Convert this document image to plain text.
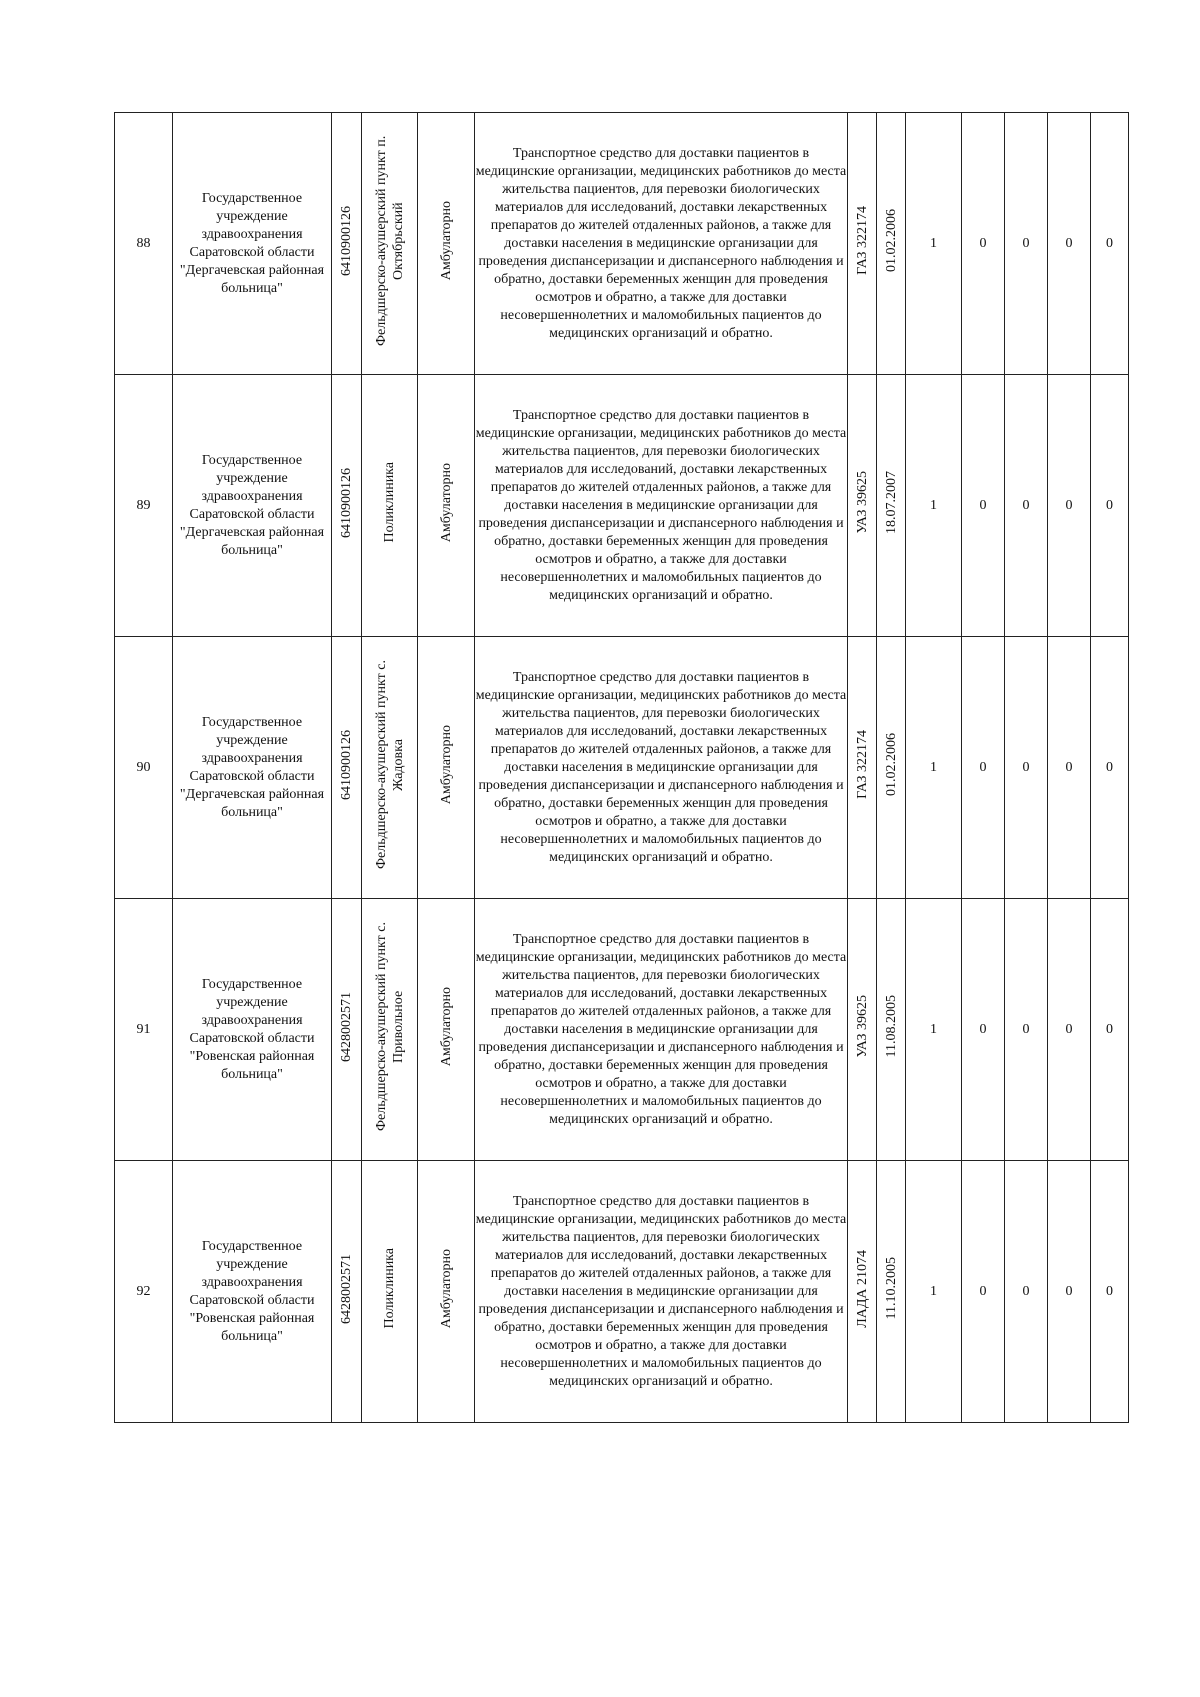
88	Государственное учреждение здравоохранения Саратовской области "Дергачевская районная больница"	6410900126	Фельдшерско-акушерский пункт п. Октябрьский	Амбулаторно	Транспортное средство для доставки пациентов в медицинские организации, медицинских работников до места жительства пациентов, для перевозки биологических материалов для исследований, доставки лекарственных препаратов до жителей отдаленных районов, а также для доставки населения в медицинские организации для проведения диспансеризации и диспансерного наблюдения и обратно, доставки беременных женщин для проведения осмотров и обратно, а также для доставки несовершеннолетних и маломобильных пациентов до медицинских организаций и обратно.	ГАЗ 322174	01.02.2006	1	0	0	0	0
89	Государственное учреждение здравоохранения Саратовской области "Дергачевская районная больница"	6410900126	Поликлиника	Амбулаторно	Транспортное средство для доставки пациентов в медицинские организации, медицинских работников до места жительства пациентов, для перевозки биологических материалов для исследований, доставки лекарственных препаратов до жителей отдаленных районов, а также для доставки населения в медицинские организации для проведения диспансеризации и диспансерного наблюдения и обратно, доставки беременных женщин для проведения осмотров и обратно, а также для доставки несовершеннолетних и маломобильных пациентов до медицинских организаций и обратно.	УАЗ 39625	18.07.2007	1	0	0	0	0
90	Государственное учреждение здравоохранения Саратовской области "Дергачевская районная больница"	6410900126	Фельдшерско-акушерский пункт с. Жадовка	Амбулаторно	Транспортное средство для доставки пациентов в медицинские организации, медицинских работников до места жительства пациентов, для перевозки биологических материалов для исследований, доставки лекарственных препаратов до жителей отдаленных районов, а также для доставки населения в медицинские организации для проведения диспансеризации и диспансерного наблюдения и обратно, доставки беременных женщин для проведения осмотров и обратно, а также для доставки несовершеннолетних и маломобильных пациентов до медицинских организаций и обратно.	ГАЗ 322174	01.02.2006	1	0	0	0	0
91	Государственное учреждение здравоохранения Саратовской области "Ровенская районная больница"	6428002571	Фельдшерско-акушерский пункт с. Привольное	Амбулаторно	Транспортное средство для доставки пациентов в медицинские организации, медицинских работников до места жительства пациентов, для перевозки биологических материалов для исследований, доставки лекарственных препаратов до жителей отдаленных районов, а также для доставки населения в медицинские организации для проведения диспансеризации и диспансерного наблюдения и обратно, доставки беременных женщин для проведения осмотров и обратно, а также для доставки несовершеннолетних и маломобильных пациентов до медицинских организаций и обратно.	УАЗ 39625	11.08.2005	1	0	0	0	0
92	Государственное учреждение здравоохранения Саратовской области "Ровенская районная больница"	6428002571	Поликлиника	Амбулаторно	Транспортное средство для доставки пациентов в медицинские организации, медицинских работников до места жительства пациентов, для перевозки биологических материалов для исследований, доставки лекарственных препаратов до жителей отдаленных районов, а также для доставки населения в медицинские организации для проведения диспансеризации и диспансерного наблюдения и обратно, доставки беременных женщин для проведения осмотров и обратно, а также для доставки несовершеннолетних и маломобильных пациентов до медицинских организаций и обратно.	ЛАДА 21074	11.10.2005	1	0	0	0	0
